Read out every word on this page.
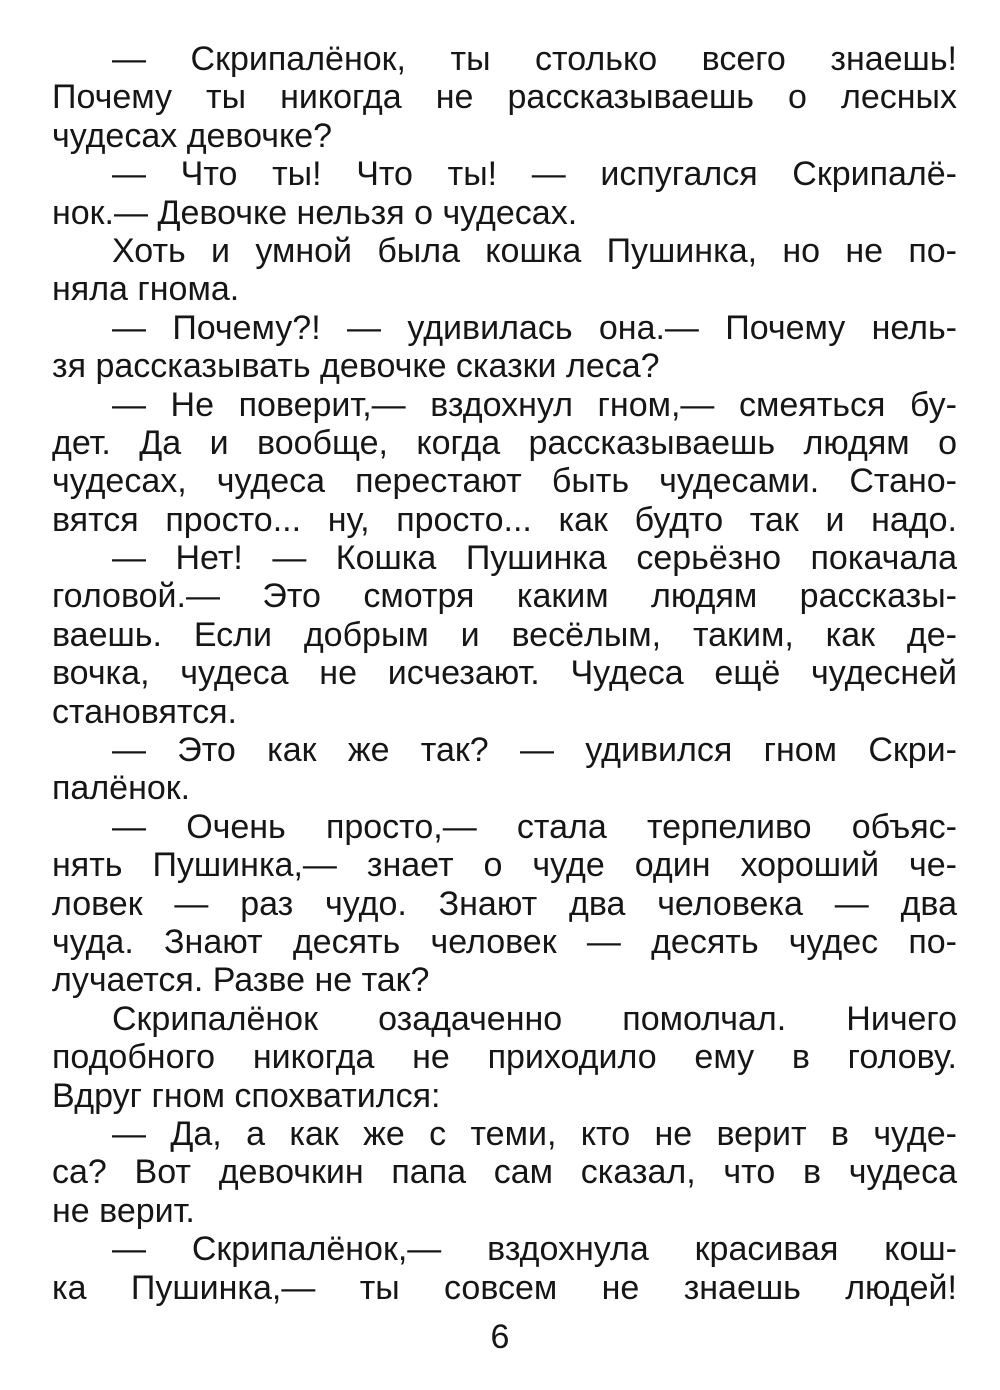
— Скрипалёнок, ты столько всего знаешь!
Почему ты никогда не рассказываешь о лесных
чудесах девочке?
— Что ты! Что ты! — испугался Скрипалё-
нок.— Девочке нельзя о чудесах.
Хоть и умной была кошка Пушинка, но не по-
няла гнома.
— Почему?! — удивилась она.— Почему нель-
зя рассказывать девочке сказки леса?
— Не поверит,— вздохнул гном,— смеяться бу-
дет. Да и вообще, когда рассказываешь людям о
чудесах, чудеса перестают быть чудесами. Стано-
вятся просто... ну, просто... как будто так и надо.
— Нет! — Кошка Пушинка серьёзно покачала
головой.— Это смотря каким людям рассказы-
ваешь. Если добрым и весёлым, таким, как де-
вочка, чудеса не исчезают. Чудеса ещё чудесней
становятся.
— Это как же так? — удивился гном Скри-
палёнок.
— Очень просто,— стала терпеливо объяс-
нять Пушинка,— знает о чуде один хороший че-
ловек — раз чудо. Знают два человека — два
чуда. Знают десять человек — десять чудес по-
лучается. Разве не так?
Скрипалёнок озадаченно помолчал. Ничего
подобного никогда не приходило ему в голову.
Вдруг гном спохватился:
— Да, а как же с теми, кто не верит в чуде-
са? Вот девочкин папа сам сказал, что в чудеса
не верит.
— Скрипалёнок,— вздохнула красивая кош-
ка Пушинка,— ты совсем не знаешь людей!
6
